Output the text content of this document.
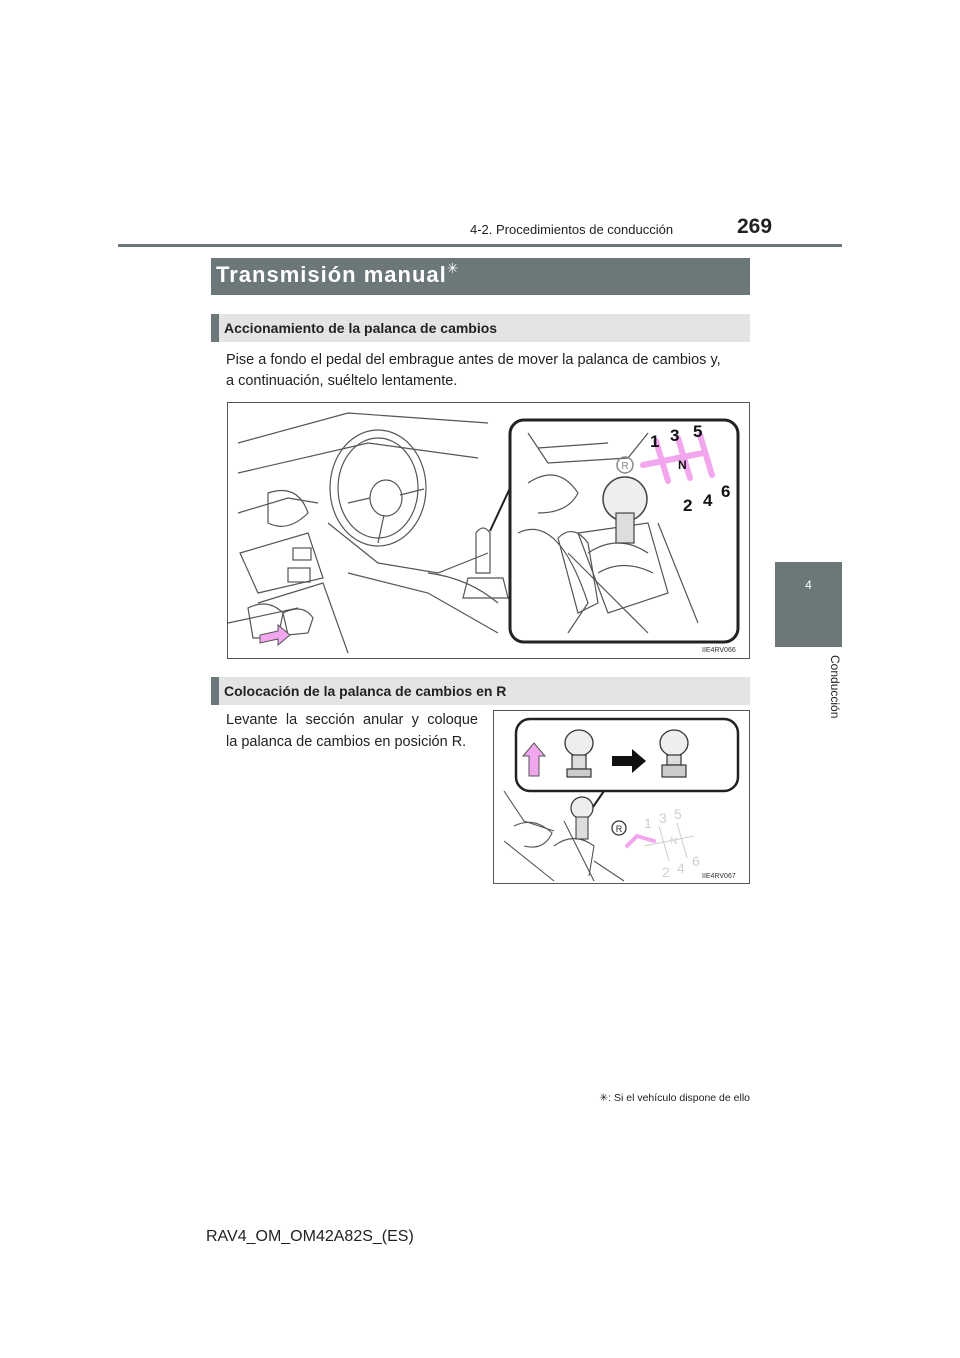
4-2. Procedimientos de conducción	269
4
Conducción
Transmisión manual✳
Accionamiento de la palanca de cambios
Pise a fondo el pedal del embrague antes de mover la palanca de cambios y,
a continuación, suéltelo lentamente.
R
1 3 5
N
2 4 6
IIE4RV066
Colocación de la palanca de cambios en R
Levante la sección anular y coloque
la palanca de cambios en posición R.
R 1 3 5
N
2 4 6
IIE4RV067
✳: Si el vehículo dispone de ello
RAV4_OM_OM42A82S_(ES)
